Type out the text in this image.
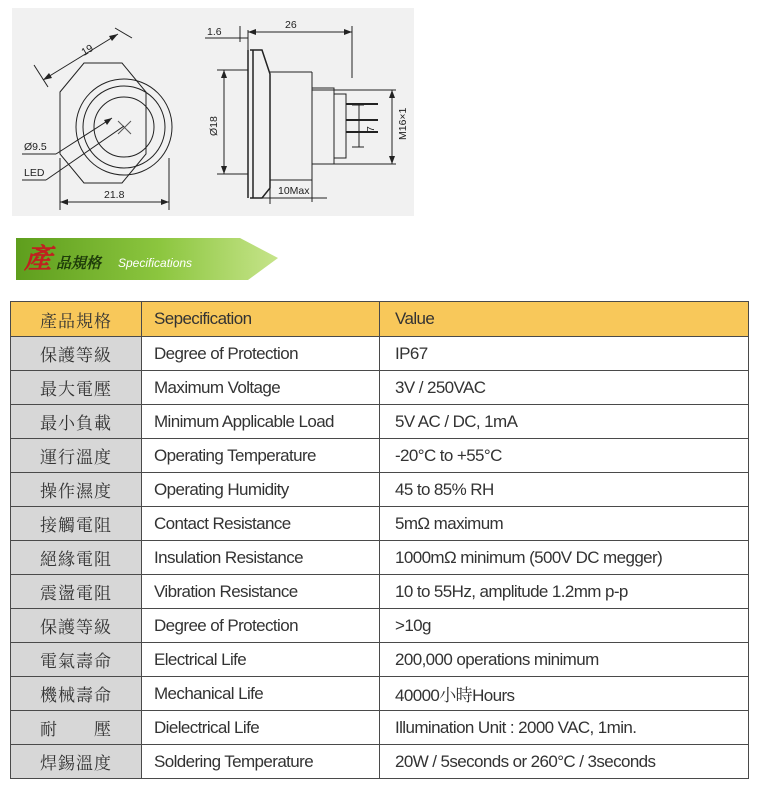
19
Ø9.5
LED
21.8
1.6
26
Ø18	7 M16×1
10Max
產 品規格 Specifications
產品規格	Sepecification	Value
保護等級	Degree of Protection	IP67
最大電壓	Maximum Voltage	3V / 250VAC
最小負載	Minimum Applicable Load	5V AC / DC, 1mA
運行溫度	Operating Temperature	-20°C to +55°C
操作濕度	Operating Humidity	45 to 85% RH
接觸電阻	Contact Resistance	5mΩ maximum
絕緣電阻	Insulation Resistance	1000mΩ minimum (500V DC megger)
震盪電阻	Vibration Resistance	10 to 55Hz, amplitude 1.2mm p-p
保護等級	Degree of Protection	>10g
電氣壽命	Electrical Life	200,000 operations minimum
機械壽命	Mechanical Life	40000小時Hours
耐　　壓	Dielectrical Life	Illumination Unit : 2000 VAC, 1min.
焊錫溫度	Soldering Temperature	20W / 5seconds or 260°C / 3seconds
